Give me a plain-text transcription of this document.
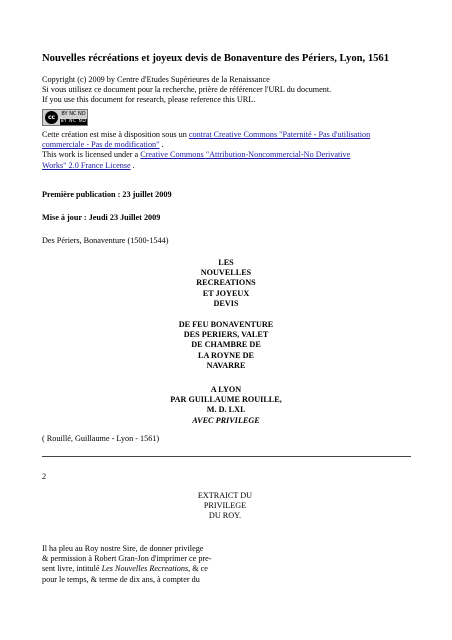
Nouvelles récréations et joyeux devis de Bonaventure des Périers, Lyon, 1561
Copyright (c) 2009 by Centre d'Etudes Supérieures de la Renaissance
Si vous utilisez ce document pour la recherche, prière de référencer l'URL du document.
If you use this document for research, please reference this URL.
cc	BY NC ND
BY NC ND
Cette création est mise à disposition sous un contrat Creative Commons "Paternité - Pas d'utilisation
commerciale - Pas de modification" .
This work is licensed under a Creative Commons "Attribution-Noncommercial-No Derivative
Works" 2.0 France License .
Première publication : 23 juillet 2009
Mise à jour : Jeudi 23 Juillet 2009
Des Périers, Bonaventure (1500-1544)
LES
NOUVELLES
RECREATIONS
ET JOYEUX
DEVIS
DE FEU BONAVENTURE
DES PERIERS, VALET
DE CHAMBRE DE
LA ROYNE DE
NAVARRE
A LYON
PAR GUILLAUME ROUILLE,
M. D. LXI.
AVEC PRIVILEGE
( Rouillé, Guillaume - Lyon - 1561)
2
EXTRAICT DU
PRIVILEGE
DU ROY.
Il ha pleu au Roy nostre Sire, de donner privilege
& permission à Robert Gran-Jon d'imprimer ce pre-
sent livre, intitulé Les Nouvelles Recreations, & ce
pour le temps, & terme de dix ans, à compter du
